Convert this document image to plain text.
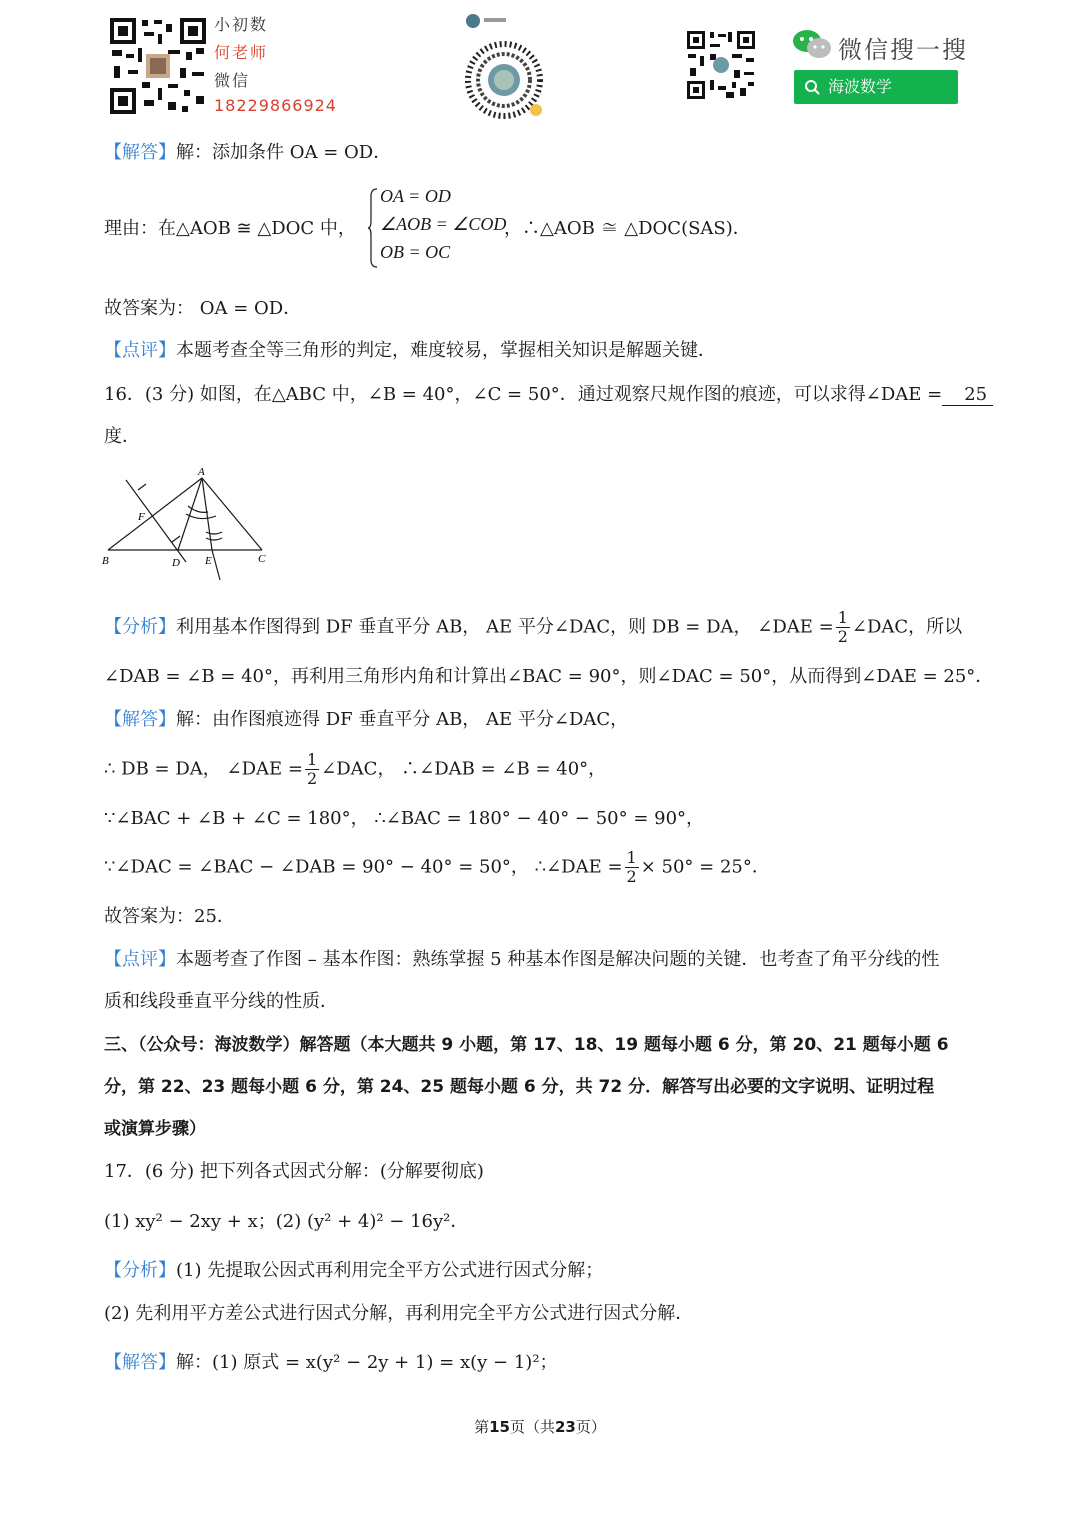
小初数
何老师
微信
18229866924
微信搜一搜
海波数学
【解答】解：添加条件 OA = OD．
理由：在△AOB ≅ △DOC 中，
OA = OD
∠AOB = ∠COD
OB = OC
，∴△AOB ≅ △DOC(SAS)．
故答案为： OA = OD．
【点评】本题考查全等三角形的判定，难度较易，掌握相关知识是解题关键．
16．(3 分) 如图，在△ABC 中，∠B = 40°，∠C = 50°．通过观察尺规作图的痕迹，可以求得∠DAE = 25
度．
A
B	C
D E
F
【分析】利用基本作图得到 DF 垂直平分 AB， AE 平分∠DAC，则 DB = DA， ∠DAE = $\frac{1}{2}$ ∠DAC，所以
∠DAB = ∠B = 40°，再利用三角形内角和计算出∠BAC = 90°，则∠DAC = 50°，从而得到∠DAE = 25°．
【解答】解：由作图痕迹得 DF 垂直平分 AB， AE 平分∠DAC，
∴ DB = DA， ∠DAE = $\frac{1}{2}$ ∠DAC， ∴∠DAB = ∠B = 40°，
∵∠BAC + ∠B + ∠C = 180°， ∴∠BAC = 180° − 40° − 50° = 90°，
∵∠DAC = ∠BAC − ∠DAB = 90° − 40° = 50°， ∴∠DAE = $\frac{1}{2} \times 50^\circ = 25^\circ$．
故答案为：25．
【点评】本题考查了作图 – 基本作图：熟练掌握 5 种基本作图是解决问题的关键．也考查了角平分线的性
质和线段垂直平分线的性质．
三、（公众号：海波数学）解答题（本大题共 9 小题，第 17、18、19 题每小题 6 分，第 20、21 题每小题 6
分，第 22、23 题每小题 6 分，第 24、25 题每小题 6 分，共 72 分．解答写出必要的文字说明、证明过程
或演算步骤）
17．(6 分) 把下列各式因式分解：(分解要彻底)
(1) xy² − 2xy + x；(2) (y² + 4)² − 16y²．
【分析】(1) 先提取公因式再利用完全平方公式进行因式分解；
(2) 先利用平方差公式进行因式分解，再利用完全平方公式进行因式分解．
【解答】解：(1) 原式 = x(y² − 2y + 1) = x(y − 1)²；
第15页（共23页）
